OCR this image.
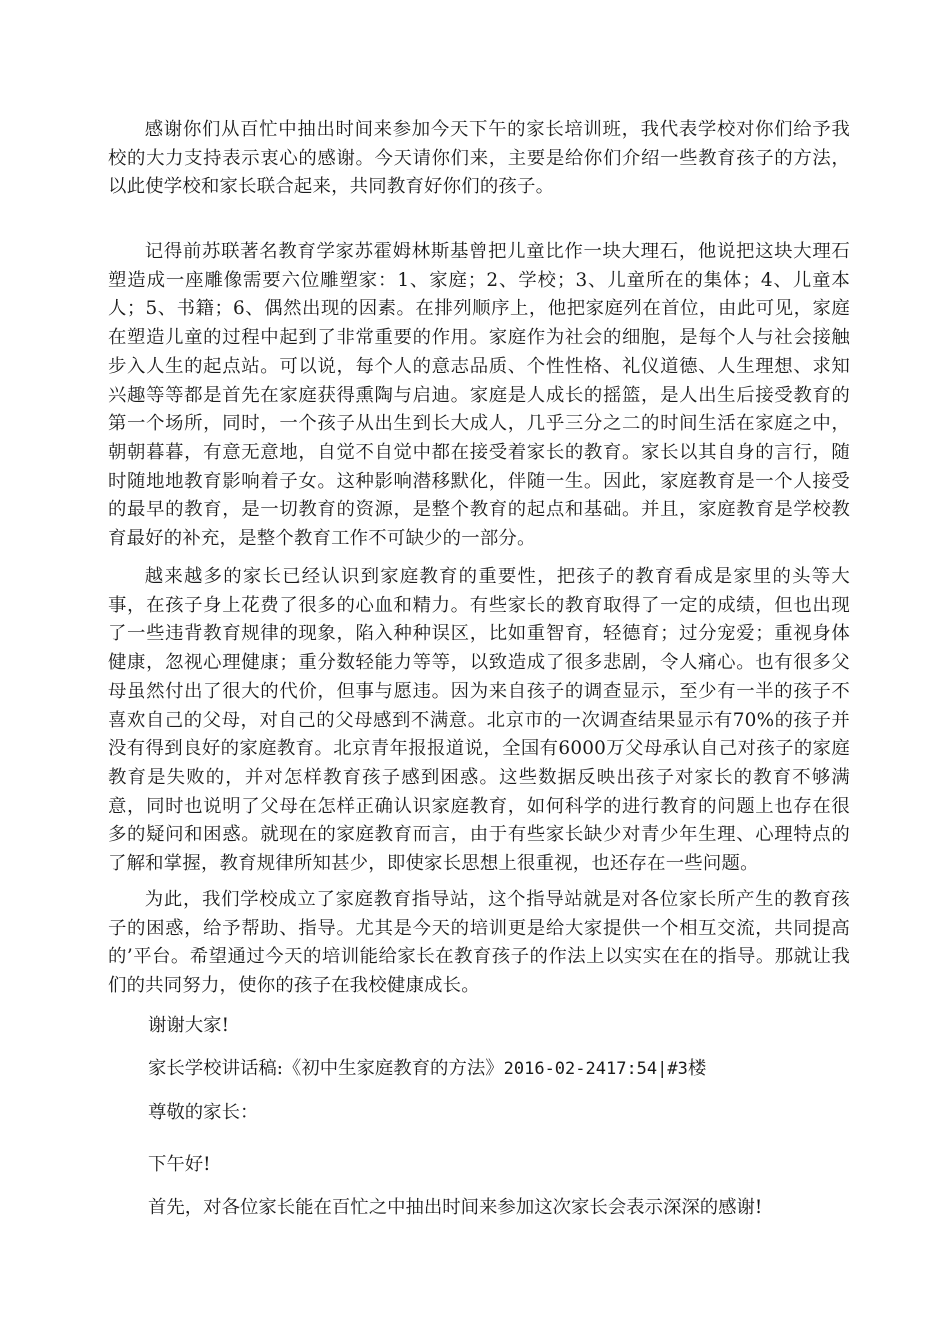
感谢你们从百忙中抽出时间来参加今天下午的家长培训班，我代表学校对你们给予我校的大力支持表示衷心的感谢。今天请你们来，主要是给你们介绍一些教育孩子的方法，以此使学校和家长联合起来，共同教育好你们的孩子。

记得前苏联著名教育学家苏霍姆林斯基曾把儿童比作一块大理石，他说把这块大理石塑造成一座雕像需要六位雕塑家：1、家庭；2、学校；3、儿童所在的集体；4、儿童本人；5、书籍；6、偶然出现的因素。在排列顺序上，他把家庭列在首位，由此可见，家庭在塑造儿童的过程中起到了非常重要的作用。家庭作为社会的细胞，是每个人与社会接触步入人生的起点站。可以说，每个人的意志品质、个性性格、礼仪道德、人生理想、求知兴趣等等都是首先在家庭获得熏陶与启迪。家庭是人成长的摇篮，是人出生后接受教育的第一个场所，同时，一个孩子从出生到长大成人，几乎三分之二的时间生活在家庭之中，朝朝暮暮，有意无意地，自觉不自觉中都在接受着家长的教育。家长以其自身的言行，随时随地地教育影响着子女。这种影响潜移默化，伴随一生。因此，家庭教育是一个人接受的最早的教育，是一切教育的资源，是整个教育的起点和基础。并且，家庭教育是学校教育最好的补充，是整个教育工作不可缺少的一部分。

越来越多的家长已经认识到家庭教育的重要性，把孩子的教育看成是家里的头等大事，在孩子身上花费了很多的心血和精力。有些家长的教育取得了一定的成绩，但也出现了一些违背教育规律的现象，陷入种种误区，比如重智育，轻德育；过分宠爱；重视身体健康，忽视心理健康；重分数轻能力等等，以致造成了很多悲剧，令人痛心。也有很多父母虽然付出了很大的代价，但事与愿违。因为来自孩子的调查显示，至少有一半的孩子不喜欢自己的父母，对自己的父母感到不满意。北京市的一次调查结果显示有70%的孩子并没有得到良好的家庭教育。北京青年报报道说，全国有6000万父母承认自己对孩子的家庭教育是失败的，并对怎样教育孩子感到困惑。这些数据反映出孩子对家长的教育不够满意，同时也说明了父母在怎样正确认识家庭教育，如何科学的进行教育的问题上也存在很多的疑问和困惑。就现在的家庭教育而言，由于有些家长缺少对青少年生理、心理特点的了解和掌握，教育规律所知甚少，即使家长思想上很重视，也还存在一些问题。

为此，我们学校成立了家庭教育指导站，这个指导站就是对各位家长所产生的教育孩子的困惑，给予帮助、指导。尤其是今天的培训更是给大家提供一个相互交流，共同提高的’平台。希望通过今天的培训能给家长在教育孩子的作法上以实实在在的指导。那就让我们的共同努力，使你的孩子在我校健康成长。

谢谢大家!

家长学校讲话稿:《初中生家庭教育的方法》2016-02-2417:54|#3楼

尊敬的家长：

下午好!

首先，对各位家长能在百忙之中抽出时间来参加这次家长会表示深深的感谢!
